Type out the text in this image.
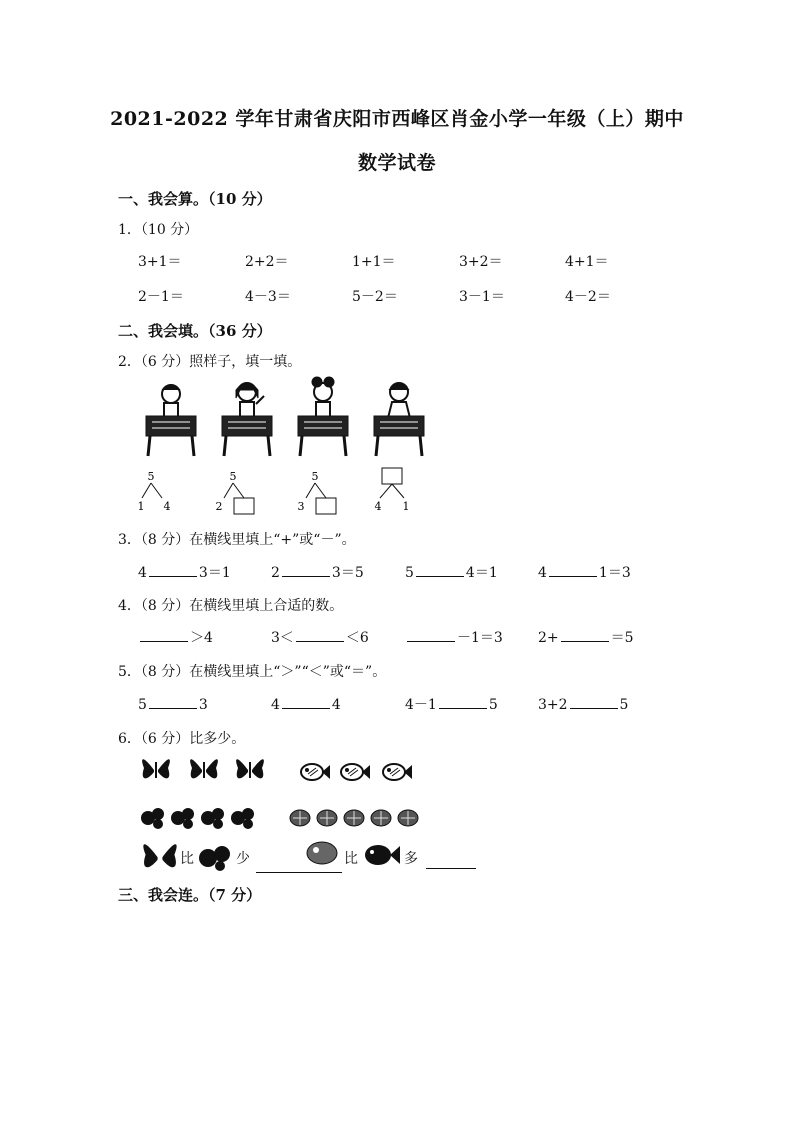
2021-2022 学年甘肃省庆阳市西峰区肖金小学一年级（上）期中
数学试卷
一、我会算。（10 分）
1．（10 分）
3+1＝	2+2＝	1+1＝	3+2＝	4+1＝
2－1＝	4－3＝	5－2＝	3－1＝	4－2＝
二、我会填。（36 分）
2．（6 分）照样子，填一填。
5
1 4
5
2
5
3	4 1
3．（8 分）在横线里填上“+”或“－”。
4	3＝1	2	3＝5	5	4＝1	4	1＝3
4．（8 分）在横线里填上合适的数。
＞4	3＜	＜6	－1＝3	2+	＝5
5．（8 分）在横线里填上“＞”“＜”或“＝”。
5	3	4	4	4－1	5	3+2	5
6．（6 分）比多少。
比	少	比	多
三、我会连。（7 分）
